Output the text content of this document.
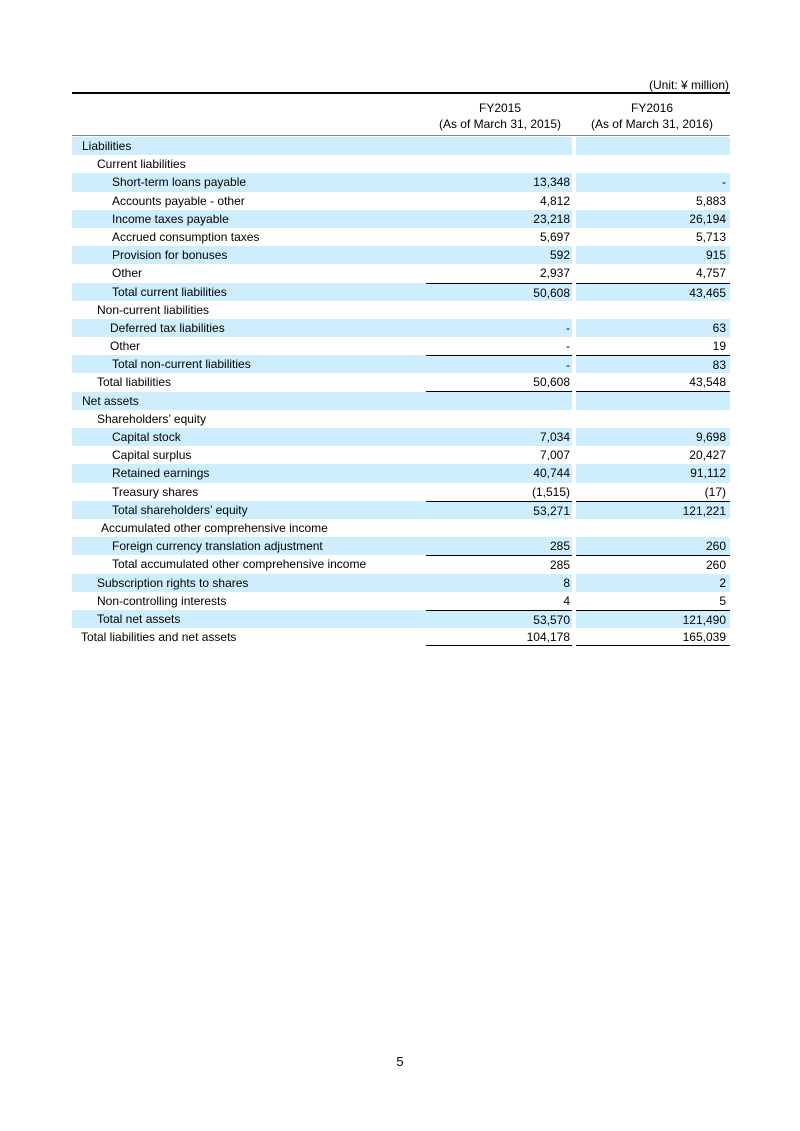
(Unit: ¥ million)
FY2015
(As of March 31, 2015)
FY2016
(As of March 31, 2016)
Liabilities
Current liabilities
Short-term loans payable	13,348	-
Accounts payable - other	4,812	5,883
Income taxes payable	23,218	26,194
Accrued consumption taxes	5,697	5,713
Provision for bonuses	592	915
Other	2,937	4,757
Total current liabilities	50,608	43,465
Non-current liabilities
Deferred tax liabilities	-	63
Other	-	19
Total non-current liabilities	-	83
Total liabilities	50,608	43,548
Net assets
Shareholders’ equity
Capital stock	7,034	9,698
Capital surplus	7,007	20,427
Retained earnings	40,744	91,112
Treasury shares	(1,515)	(17)
Total shareholders’ equity	53,271	121,221
Accumulated other comprehensive income
Foreign currency translation adjustment	285	260
Total accumulated other comprehensive income	285	260
Subscription rights to shares	8	2
Non-controlling interests	4	5
Total net assets	53,570	121,490
Total liabilities and net assets	104,178	165,039
5
